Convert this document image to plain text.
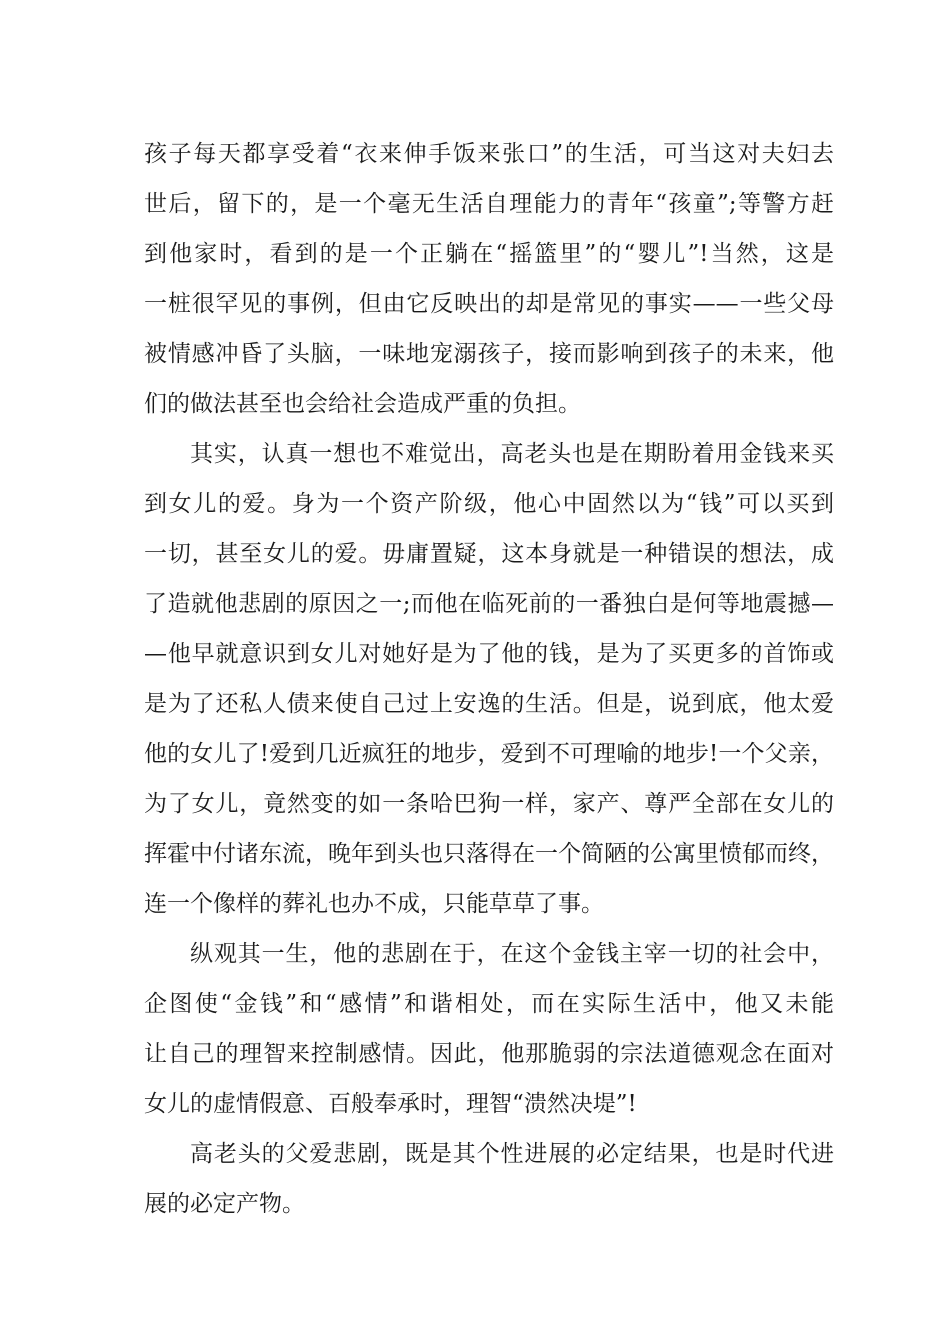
孩子每天都享受着“衣来伸手饭来张口”的生活，可当这对夫妇去
世后，留下的，是一个毫无生活自理能力的青年“孩童”;等警方赶
到他家时，看到的是一个正躺在“摇篮里”的“婴儿”!当然，这是
一桩很罕见的事例，但由它反映出的却是常见的事实——一些父母
被情感冲昏了头脑，一味地宠溺孩子，接而影响到孩子的未来，他
们的做法甚至也会给社会造成严重的负担。
其实，认真一想也不难觉出，高老头也是在期盼着用金钱来买
到女儿的爱。身为一个资产阶级，他心中固然以为“钱”可以买到
一切，甚至女儿的爱。毋庸置疑，这本身就是一种错误的想法，成
了造就他悲剧的原因之一;而他在临死前的一番独白是何等地震撼—
—他早就意识到女儿对她好是为了他的钱，是为了买更多的首饰或
是为了还私人债来使自己过上安逸的生活。但是，说到底，他太爱
他的女儿了!爱到几近疯狂的地步，爱到不可理喻的地步!一个父亲，
为了女儿，竟然变的如一条哈巴狗一样，家产、尊严全部在女儿的
挥霍中付诸东流，晚年到头也只落得在一个简陋的公寓里愤郁而终，
连一个像样的葬礼也办不成，只能草草了事。
纵观其一生，他的悲剧在于，在这个金钱主宰一切的社会中，
企图使“金钱”和“感情”和谐相处，而在实际生活中，他又未能
让自己的理智来控制感情。因此，他那脆弱的宗法道德观念在面对
女儿的虚情假意、百般奉承时，理智“溃然决堤”!
高老头的父爱悲剧，既是其个性进展的必定结果，也是时代进
展的必定产物。
